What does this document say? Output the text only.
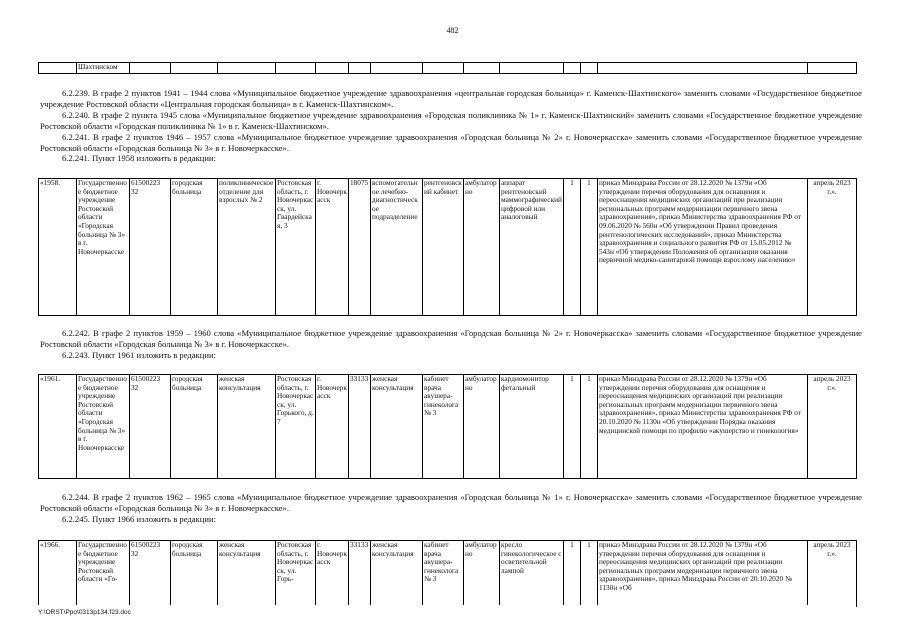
482
	Шахтинском														
6.2.239. В графе 2 пунктов 1941 – 1944 слова «Муниципальное бюджетное учреждение здравоохранения «центральная городская больница» г. Каменск-Шахтинского» заменить словами «Государственное бюджетное учреждение Ростовской области «Центральная городская больница» в г. Каменск-Шахтинском».
6.2.240. В графе 2 пункта 1945 слова «Муниципальное бюджетное учреждение здравоохранения «Городская поликлиника № 1» г. Каменск-Шахтинский» заменить словами «Государственное бюджетное учреждение Ростовской области «Городская поликлиника № 1» в г. Каменск-Шахтинском».
6.2.241. В графе 2 пунктов 1946 – 1957 слова «Муниципальное бюджетное учреждение здравоохранения «Городская больница № 2» г. Новочеркасска» заменить словами «Государственное бюджетное учреждение Ростовской области «Городская больница № 3» в г. Новочеркасске».
6.2.241. Пункт 1958 изложить в редакции:
«1958.	Государственное бюджетное учреждение Ростовской области «Городская больница № 3» в г. Новочеркасске	61500223 32	городская больница	поликлиническое отделение для взрослых № 2	Ростовская область, г. Новочеркасск, ул. Гвардейская, 3	г. Новочеркасск	18075	вспомогательное лечебно-диагностическое подразделение	рентгеновский кабинет	амбулаторно	аппарат рентгеновский маммографический цифровой или аналоговый	1	1	приказ Минздрава России от 28.12.2020 № 1379н «Об утверждении перечня оборудования для оснащения и переоснащения медицинских организаций при реализации региональных программ модернизации первичного звена здравоохранения», приказ Министерства здравоохранения РФ от 09.06.2020 № 560н «Об утверждении Правил проведения рентгенологических исследований», приказ Министерства здравоохранения и социального развития РФ от 15.05.2012 № 543н «Об утверждении Положения об организации оказания первичной медико-санитарной помощи взрослому населению»	апрель 2023 г.».
6.2.242. В графе 2 пунктов 1959 – 1960 слова «Муниципальное бюджетное учреждение здравоохранения «Городская больница № 2» г. Новочеркасска» заменить словами «Государственное бюджетное учреждение Ростовской области «Городская больница № 3» в г. Новочеркасске».
6.2.243. Пункт 1961 изложить в редакции:
«1961.	Государственное бюджетное учреждение Ростовской области «Городская больница № 3» в г. Новочеркасске	61500223 32	городская больница	женская консультация	Ростовская область, г. Новочеркасск, ул. Горького, д. 7	г. Новочеркасск	33133	женская консультация	кабинет врача акушера-гинеколога № 3	амбулаторно	кардиомонитор фетальный	1	1	приказ Минздрава России от 28.12.2020 № 1379н «Об утверждении перечня оборудования для оснащения и переоснащения медицинских организаций при реализации региональных программ модернизации первичного звена здравоохранения», приказ Министерства здравоохранения РФ от 20.10.2020 № 1130н «Об утверждении Порядка оказания медицинской помощи по профилю «акушерство и гинекология»	апрель 2023 г.».
6.2.244. В графе 2 пунктов 1962 – 1965 слова «Муниципальное бюджетное учреждение здравоохранения «Городская больница № 1» г. Новочеркасска» заменить словами «Государственное бюджетное учреждение Ростовской области «Городская больница № 3» в г. Новочеркасске».
6.2.245. Пункт 1966 изложить в редакции:
«1966.	Государственное бюджетное учреждение Ростовской области «Го-	61500223 32	городская больница	женская консультация	Ростовская область, г. Новочеркасск, ул. Горь-	г. Новочеркасск	33133	женская консультация	кабинет врача акушера-гинеколога № 3	амбулаторно	кресло гинекологическое с осветительной лампой	1	1	приказ Минздрава России от 28.12.2020 № 1379н «Об утверждении перечня оборудования для оснащения и переоснащения медицинских организаций при реализации региональных программ модернизации первичного звена здравоохранения», приказ Минздрава России от 20.10.2020 № 1130н «Об	апрель 2023 г.».
Y:\ORST\Ppo\0313p134.f23.doc
